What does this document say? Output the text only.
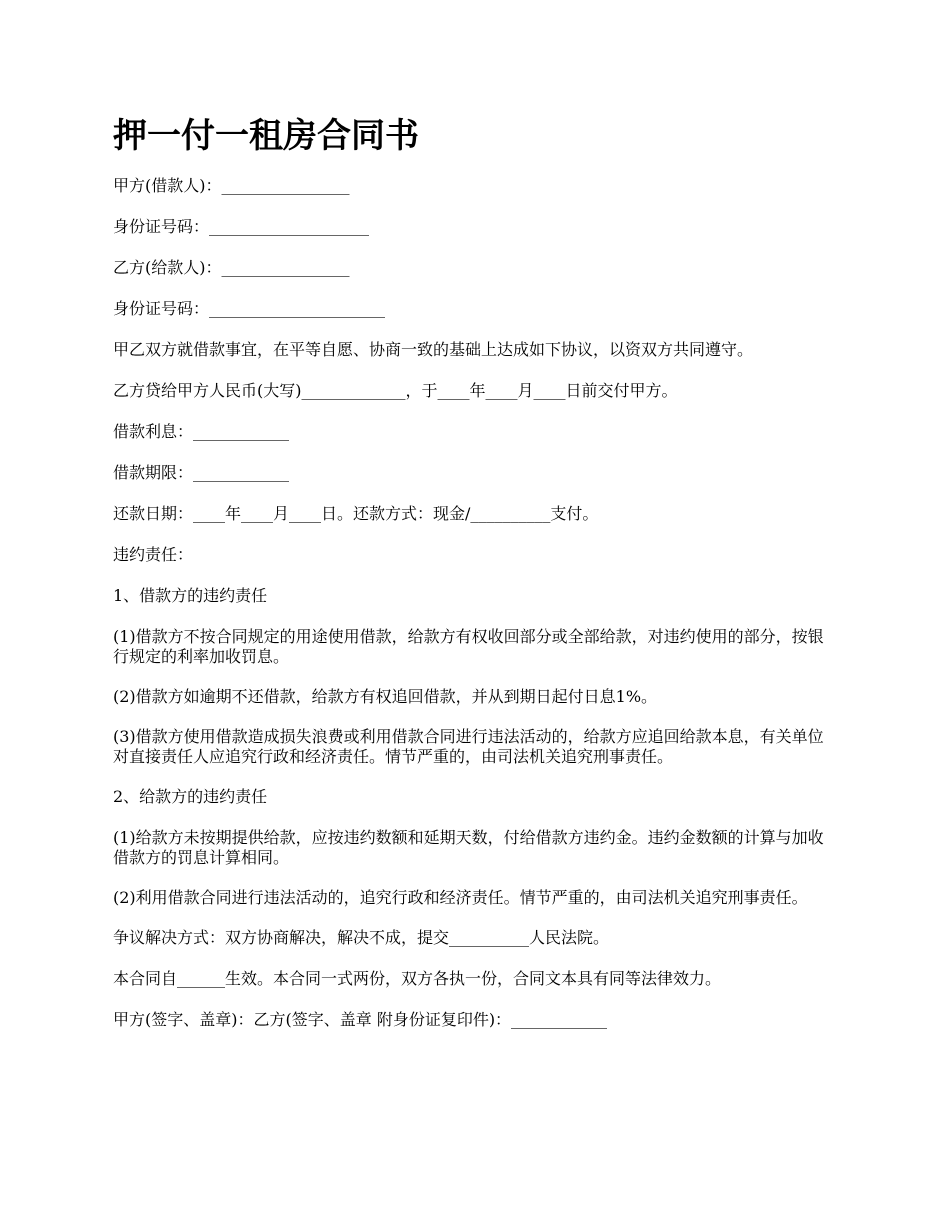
押一付一租房合同书

甲方(借款人)：________________

身份证号码：____________________

乙方(给款人)：________________

身份证号码：______________________

甲乙双方就借款事宜，在平等自愿、协商一致的基础上达成如下协议，以资双方共同遵守。

乙方贷给甲方人民币(大写)_____________，于____年____月____日前交付甲方。

借款利息：____________

借款期限：____________

还款日期：____年____月____日。还款方式：现金/__________支付。

违约责任：

1、借款方的违约责任

(1)借款方不按合同规定的用途使用借款，给款方有权收回部分或全部给款，对违约使用的部分，按银行规定的利率加收罚息。

(2)借款方如逾期不还借款，给款方有权追回借款，并从到期日起付日息1%。

(3)借款方使用借款造成损失浪费或利用借款合同进行违法活动的，给款方应追回给款本息，有关单位对直接责任人应追究行政和经济责任。情节严重的，由司法机关追究刑事责任。

2、给款方的违约责任

(1)给款方未按期提供给款，应按违约数额和延期天数，付给借款方违约金。违约金数额的计算与加收借款方的罚息计算相同。

(2)利用借款合同进行违法活动的，追究行政和经济责任。情节严重的，由司法机关追究刑事责任。

争议解决方式：双方协商解决，解决不成，提交__________人民法院。

本合同自______生效。本合同一式两份，双方各执一份，合同文本具有同等法律效力。

甲方(签字、盖章)：乙方(签字、盖章 附身份证复印件)：____________
